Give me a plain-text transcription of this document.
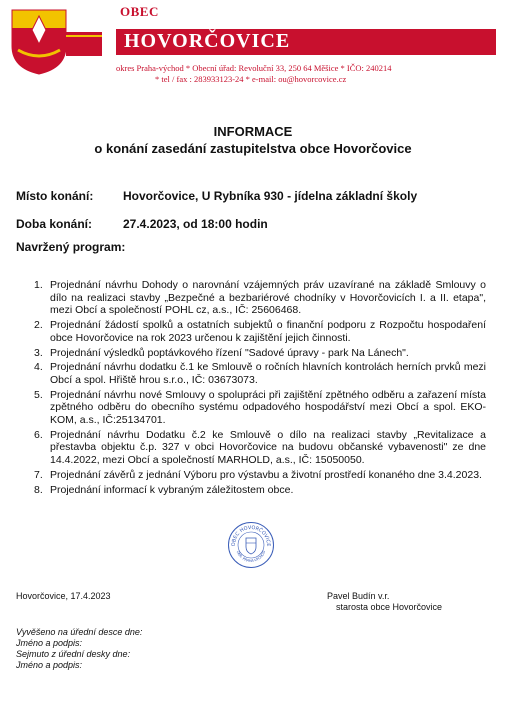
OBEC
HOVORČOVICE
okres Praha-východ * Obecní úřad: Revoluční 33, 250 64 Měšice * IČO: 240214
* tel / fax : 283933123-24 * e-mail: ou@hovorcovice.cz
INFORMACE
o konání zasedání zastupitelstva obce Hovorčovice
Místo konání: Hovorčovice, U Rybníka 930 - jídelna základní školy
Doba konání:	27.4.2023, od 18:00 hodin
Navržený program:
1. Projednání návrhu Dohody o narovnání vzájemných práv uzavírané na základě Smlouvy o dílo na realizaci stavby „Bezpečné a bezbariérové chodníky v Hovorčovicích I. a II. etapa", mezi Obcí a společností POHL cz, a.s., IČ: 25606468.
2. Projednání žádostí spolků a ostatních subjektů o finanční podporu z Rozpočtu hospodaření obce Hovorčovice na rok 2023 určenou k zajištění jejich činnosti.
3. Projednání výsledků poptávkového řízení "Sadové úpravy - park Na Lánech".
4. Projednání návrhu dodatku č.1 ke Smlouvě o ročních hlavních kontrolách herních prvků mezi Obcí a spol. Hřiště hrou s.r.o., IČ: 03673073.
5. Projednání návrhu nové Smlouvy o spolupráci při zajištění zpětného odběru a zařazení místa zpětného odběru do obecního systému odpadového hospodářství mezi Obcí a spol. EKO-KOM, a.s., IČ:25134701.
6. Projednání návrhu Dodatku č.2 ke Smlouvě o dílo na realizaci stavby „Revitalizace a přestavba objektu č.p. 327 v obci Hovorčovice na budovu občanské vybavenosti" ze dne 14.4.2022, mezi Obcí a společností MARHOLD, a.s., IČ: 15050050.
7. Projednání závěrů z jednání Výboru pro výstavbu a životní prostředí konaného dne 3.4.2023.
8. Projednání informací k vybraným záležitostem obce.
OBEC HOVORČOVICE
OKR. PRAHA-VÝCHOD
Hovorčovice, 17.4.2023	Pavel Budín v.r.
starosta obce Hovorčovice
Vyvěšeno na úřední desce dne:
Jméno a podpis:
Sejmuto z úřední desky dne:
Jméno a podpis:
